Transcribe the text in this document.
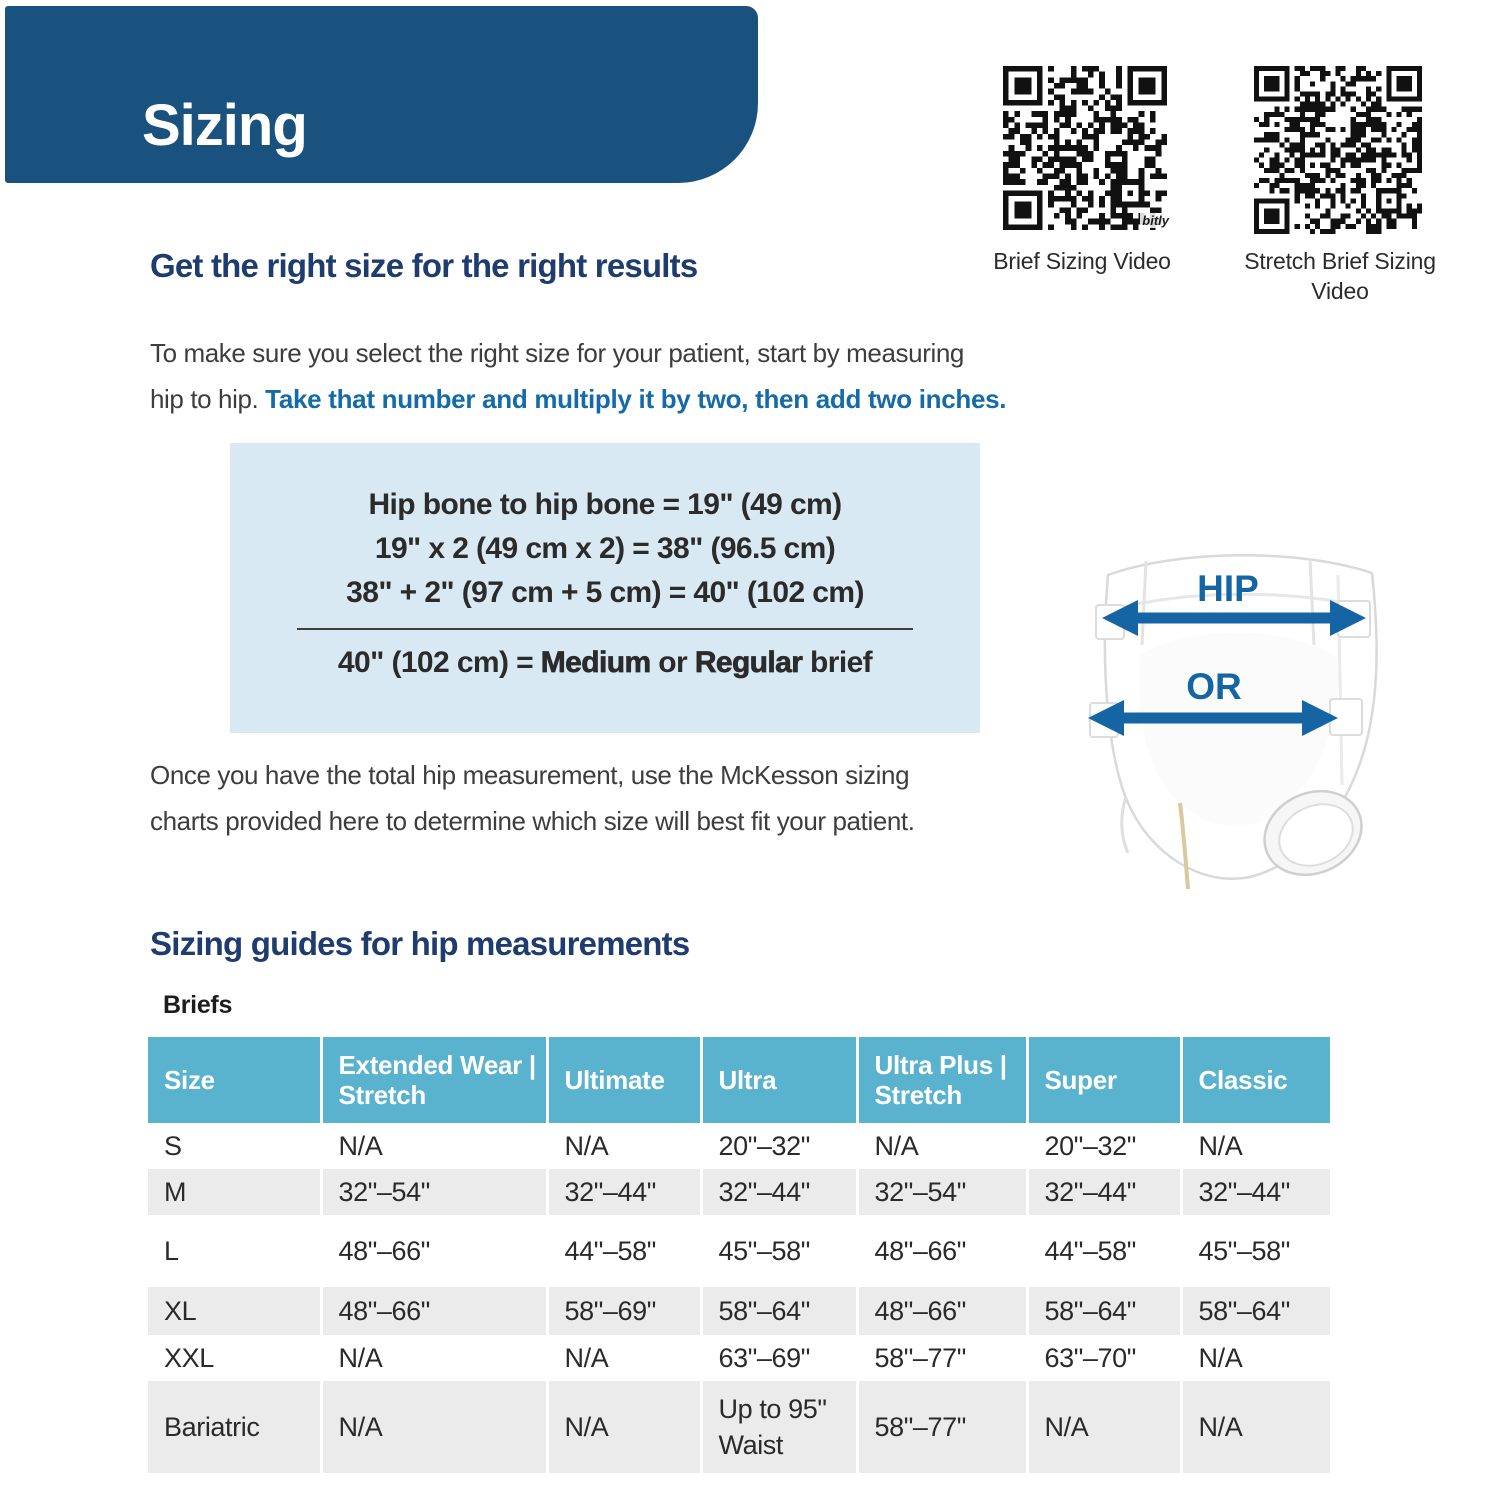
Sizing
bitly
Brief Sizing Video	Stretch Brief Sizing Video
Get the right size for the right results
To make sure you select the right size for your patient, start by measuring
hip to hip. Take that number and multiply it by two, then add two inches.
Hip bone to hip bone = 19" (49 cm)
19" x 2 (49 cm x 2) = 38" (96.5 cm)
38" + 2" (97 cm + 5 cm) = 40" (102 cm)
40" (102 cm) = Medium or Regular brief
HIP
OR
Once you have the total hip measurement, use the McKesson sizing
charts provided here to determine which size will best fit your patient.
Sizing guides for hip measurements
Briefs
Size	Extended Wear | Stretch	Ultimate	Ultra	Ultra Plus | Stretch	Super	Classic
S	N/A	N/A	20"–32"	N/A	20"–32"	N/A
M	32"–54"	32"–44"	32"–44"	32"–54"	32"–44"	32"–44"
L	48"–66"	44"–58"	45"–58"	48"–66"	44"–58"	45"–58"
XL	48"–66"	58"–69"	58"–64"	48"–66"	58"–64"	58"–64"
XXL	N/A	N/A	63"–69"	58"–77"	63"–70"	N/A
Bariatric	N/A	N/A	Up to 95" Waist	58"–77"	N/A	N/A
